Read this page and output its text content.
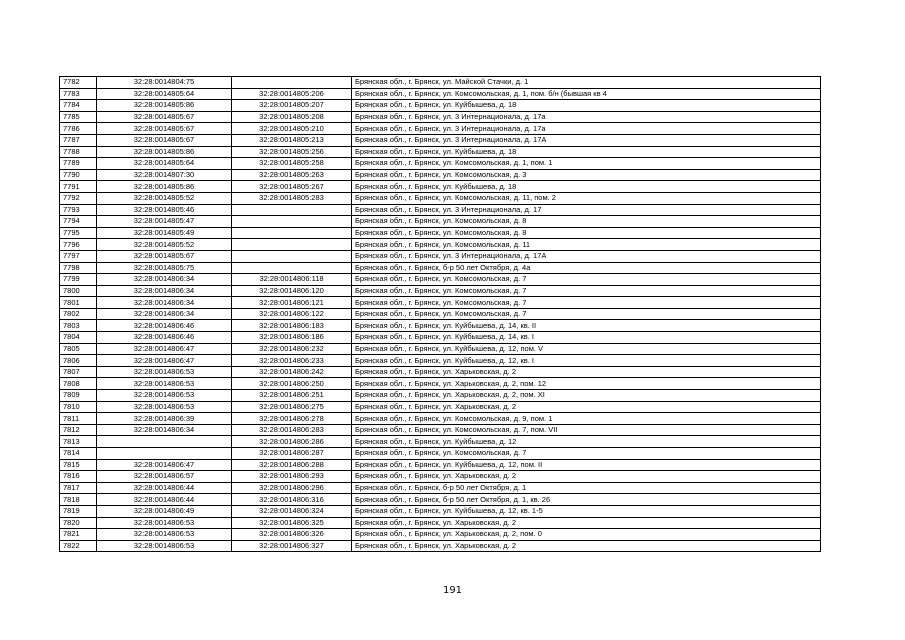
7782	32:28:0014804:75		Брянская обл., г. Брянск, ул. Майской Стачки, д. 1
7783	32:28:0014805:64	32:28:0014805:206	Брянская обл., г. Брянск, ул. Комсомольская, д. 1, пом. б/н (бывшая кв 4
7784	32:28:0014805:86	32:28:0014805:207	Брянская обл., г. Брянск, ул. Куйбышева, д. 18
7785	32:28:0014805:67	32:28:0014805:208	Брянская обл., г. Брянск, ул. 3 Интернационала, д. 17а
7786	32:28:0014805:67	32:28:0014805:210	Брянская обл., г. Брянск, ул. 3 Интернационала, д. 17а
7787	32:28:0014805:67	32:28:0014805:213	Брянская обл., г. Брянск, ул. 3 Интернационала, д. 17А
7788	32:28:0014805:86	32:28:0014805:256	Брянская обл., г. Брянск, ул. Куйбышева, д. 18
7789	32:28:0014805:64	32:28:0014805:258	Брянская обл., г. Брянск, ул. Комсомольская, д. 1, пом. 1
7790	32:28:0014807:30	32:28:0014805:263	Брянская обл., г. Брянск, ул. Комсомольская, д. 3
7791	32:28:0014805:86	32:28:0014805:267	Брянская обл., г. Брянск, ул. Куйбышева, д. 18
7792	32:28:0014805:52	32:28:0014805:283	Брянская обл., г. Брянск, ул. Комсомольская, д. 11, пом. 2
7793	32:28:0014805:46		Брянская обл., г. Брянск, ул. 3 Интернационала, д. 17
7794	32:28:0014805:47		Брянская обл., г. Брянск, ул. Комсомольская, д. 8
7795	32:28:0014805:49		Брянская обл., г. Брянск, ул. Комсомольская, д. 8
7796	32:28:0014805:52		Брянская обл., г. Брянск, ул. Комсомольская, д. 11
7797	32:28:0014805:67		Брянская обл., г. Брянск, ул. 3 Интернационала, д. 17А
7798	32:28:0014805:75		Брянская обл., г. Брянск, б-р 50 лет Октября, д. 4а
7799	32:28:0014806:34	32:28:0014806:118	Брянская обл., г. Брянск, ул. Комсомольская, д. 7
7800	32:28:0014806:34	32:28:0014806:120	Брянская обл., г. Брянск, ул. Комсомольская, д. 7
7801	32:28:0014806:34	32:28:0014806:121	Брянская обл., г. Брянск, ул. Комсомольская, д. 7
7802	32:28:0014806:34	32:28:0014806:122	Брянская обл., г. Брянск, ул. Комсомольская, д. 7
7803	32:28:0014806:46	32:28:0014806:183	Брянская обл., г. Брянск, ул. Куйбышева, д. 14, кв. II
7804	32:28:0014806:46	32:28:0014806:186	Брянская обл., г. Брянск, ул. Куйбышева, д. 14, кв. I
7805	32:28:0014806:47	32:28:0014806:232	Брянская обл., г. Брянск, ул. Куйбышева, д. 12, пом. V
7806	32:28:0014806:47	32:28:0014806:233	Брянская обл., г. Брянск, ул. Куйбышева, д. 12, кв. I
7807	32:28:0014806:53	32:28:0014806:242	Брянская обл., г. Брянск, ул. Харьковская, д. 2
7808	32:28:0014806:53	32:28:0014806:250	Брянская обл., г. Брянск, ул. Харьковская, д. 2, пом. 12
7809	32:28:0014806:53	32:28:0014806:251	Брянская обл., г. Брянск, ул. Харьковская, д. 2, пом. XI
7810	32:28:0014806:53	32:28:0014806:275	Брянская обл., г. Брянск, ул. Харьковская, д. 2
7811	32:28:0014806:39	32:28:0014806:278	Брянская обл., г. Брянск, ул. Комсомольская, д. 9, пом. 1
7812	32:28:0014806:34	32:28:0014806:283	Брянская обл., г. Брянск, ул. Комсомольская, д. 7, пом. VII
7813		32:28:0014806:286	Брянская обл., г. Брянск, ул. Куйбышева, д. 12
7814		32:28:0014806:287	Брянская обл., г. Брянск, ул. Комсомольская, д. 7
7815	32:28:0014806:47	32:28:0014806:288	Брянская обл., г. Брянск, ул. Куйбышева, д. 12, пом. II
7816	32:28:0014806:57	32:28:0014806:293	Брянская обл., г. Брянск, ул. Харьковская, д. 2
7817	32:28:0014806:44	32:28:0014806:296	Брянская обл., г. Брянск, б-р 50 лет Октября, д. 1
7818	32:28:0014806:44	32:28:0014806:316	Брянская обл., г. Брянск, б-р 50 лет Октября, д. 1, кв. 26
7819	32:28:0014806:49	32:28:0014806:324	Брянская обл., г. Брянск, ул. Куйбышева, д. 12, кв. 1-5
7820	32:28:0014806:53	32:28:0014806:325	Брянская обл., г. Брянск, ул. Харьковская, д. 2
7821	32:28:0014806:53	32:28:0014806:326	Брянская обл., г. Брянск, ул. Харьковская, д. 2, пом. 0
7822	32:28:0014806:53	32:28:0014806:327	Брянская обл., г. Брянск, ул. Харьковская, д. 2
191
